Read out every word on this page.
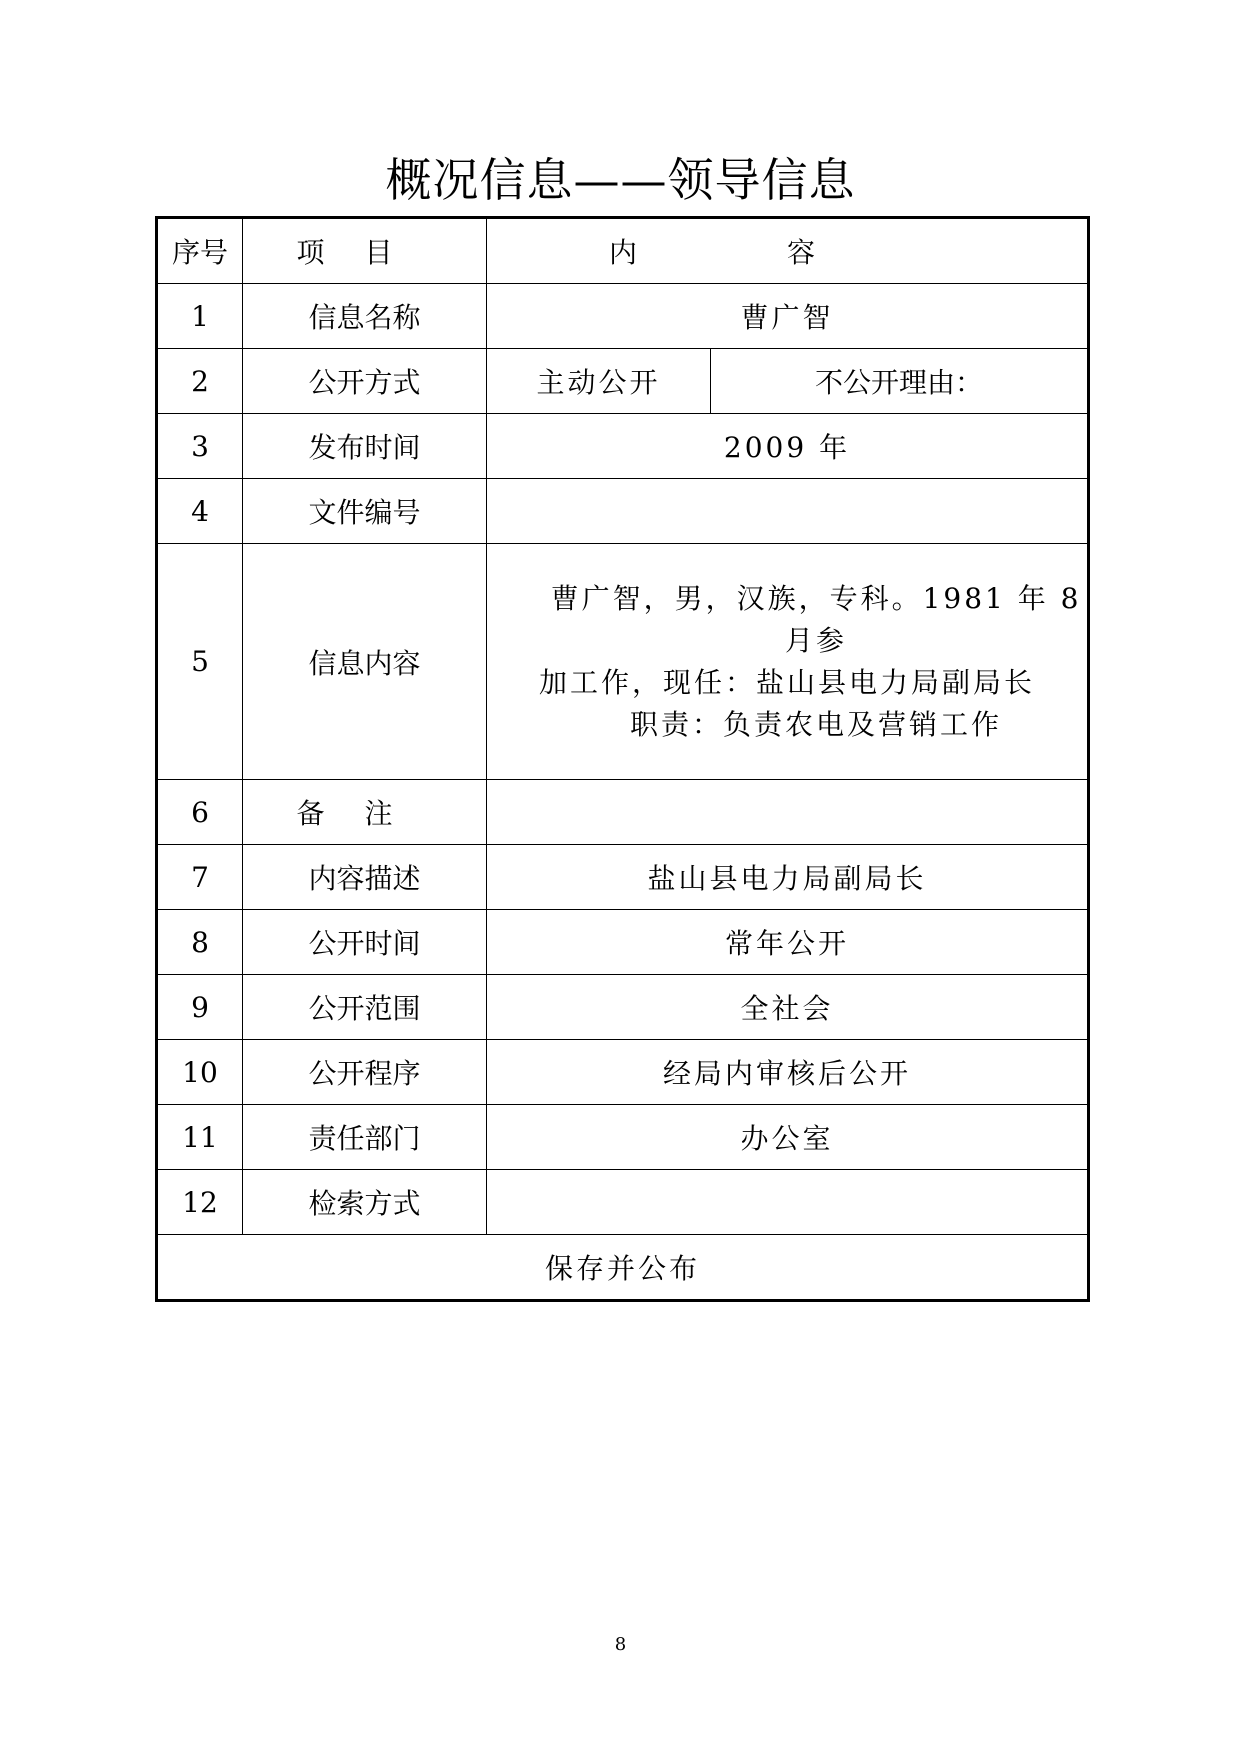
概况信息——领导信息
序号	项目	内容	
1	信息名称	曹广智	
2	公开方式	主动公开	不公开理由：
3	发布时间	2009 年	
4	文件编号		
5	信息内容	曹广智，男，汉族，专科。1981 年 8 月参
加工作，现任：盐山县电力局副局长
职责：负责农电及营销工作	

6	备注		
7	内容描述	盐山县电力局副局长	
8	公开时间	常年公开	
9	公开范围	全社会	
10	公开程序	经局内审核后公开	
11	责任部门	办公室	
12	检索方式		
保存并公布			
8
